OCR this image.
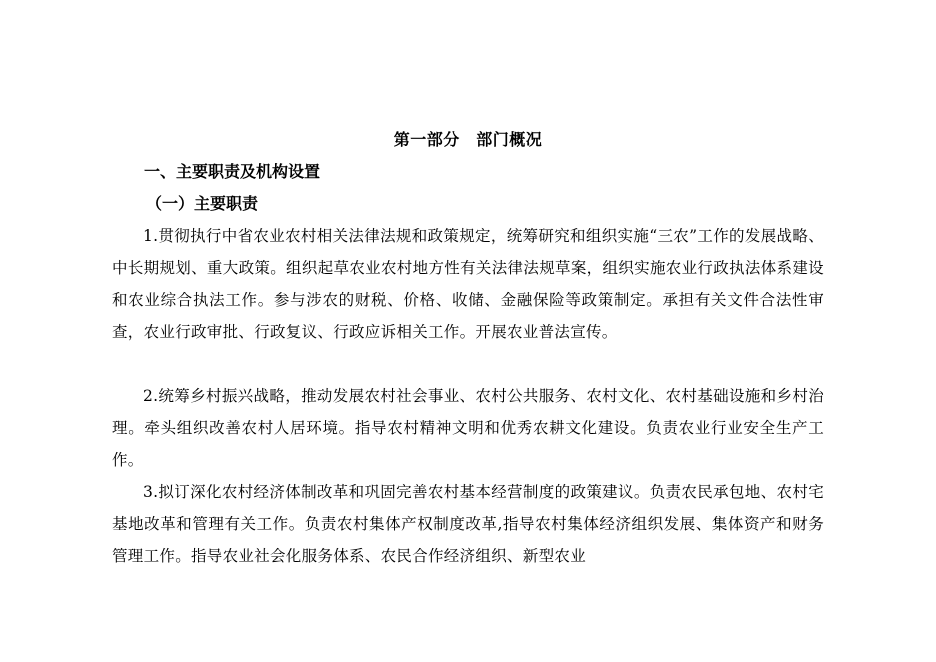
第一部分　部门概况
一、主要职责及机构设置
（一）主要职责
1.贯彻执行中省农业农村相关法律法规和政策规定，统筹研究和组织实施“三农”工作的发展战略、中长期规划、重大政策。组织起草农业农村地方性有关法律法规草案，组织实施农业行政执法体系建设和农业综合执法工作。参与涉农的财税、价格、收储、金融保险等政策制定。承担有关文件合法性审查，农业行政审批、行政复议、行政应诉相关工作。开展农业普法宣传。
2.统筹乡村振兴战略，推动发展农村社会事业、农村公共服务、农村文化、农村基础设施和乡村治理。牵头组织改善农村人居环境。指导农村精神文明和优秀农耕文化建设。负责农业行业安全生产工作。
3.拟订深化农村经济体制改革和巩固完善农村基本经营制度的政策建议。负责农民承包地、农村宅基地改革和管理有关工作。负责农村集体产权制度改革,指导农村集体经济组织发展、集体资产和财务管理工作。指导农业社会化服务体系、农民合作经济组织、新型农业
